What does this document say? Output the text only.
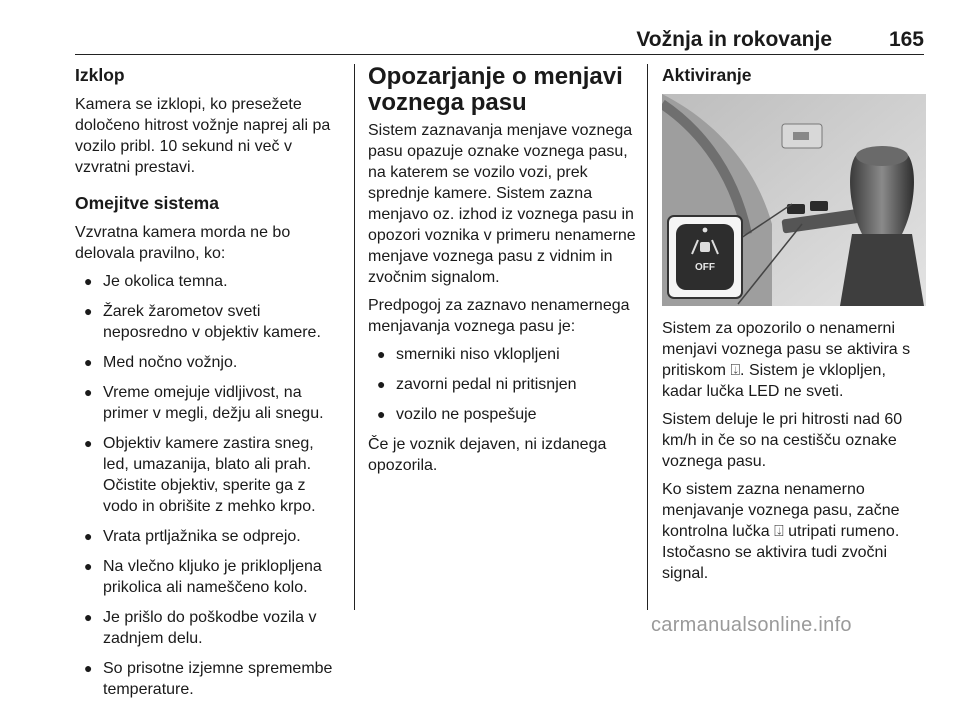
Vožnja in rokovanje	165
Izklop

Kamera se izklopi, ko presežete določeno hitrost vožnje naprej ali pa vozilo pribl. 10 sekund ni več v vzvratni prestavi.

Omejitve sistema

Vzvratna kamera morda ne bo delovala pravilno, ko:

● Je okolica temna.
● Žarek žarometov sveti neposredno v objektiv kamere.
● Med nočno vožnjo.
● Vreme omejuje vidljivost, na primer v megli, dežju ali snegu.
● Objektiv kamere zastira sneg, led, umazanija, blato ali prah. Očistite objektiv, sperite ga z vodo in obrišite z mehko krpo.
● Vrata prtljažnika se odprejo.
● Na vlečno kljuko je priklopljena prikolica ali nameščeno kolo.
● Je prišlo do poškodbe vozila v zadnjem delu.
● So prisotne izjemne spremembe temperature.
Opozarjanje o menjavi voznega pasu

Sistem zaznavanja menjave voznega pasu opazuje oznake voznega pasu, na katerem se vozilo vozi, prek sprednje kamere. Sistem zazna menjavo oz. izhod iz voznega pasu in opozori voznika v primeru nenamerne menjave voznega pasu z vidnim in zvočnim signalom.

Predpogoj za zaznavo nenamernega menjavanja voznega pasu je:

● smerniki niso vklopljeni
● zavorni pedal ni pritisnjen
● vozilo ne pospešuje

Če je voznik dejaven, ni izdanega opozorila.

Aktiviranje
OFF

Sistem za opozorilo o nenamerni menjavi voznega pasu se aktivira s pritiskom ⍗. Sistem je vklopljen, kadar lučka LED ne sveti.

Sistem deluje le pri hitrosti nad 60 km/h in če so na cestišču oznake voznega pasu.

Ko sistem zazna nenamerno menjavanje voznega pasu, začne kontrolna lučka ⍗ utripati rumeno. Istočasno se aktivira tudi zvočni signal.

carmanualsonline.info
